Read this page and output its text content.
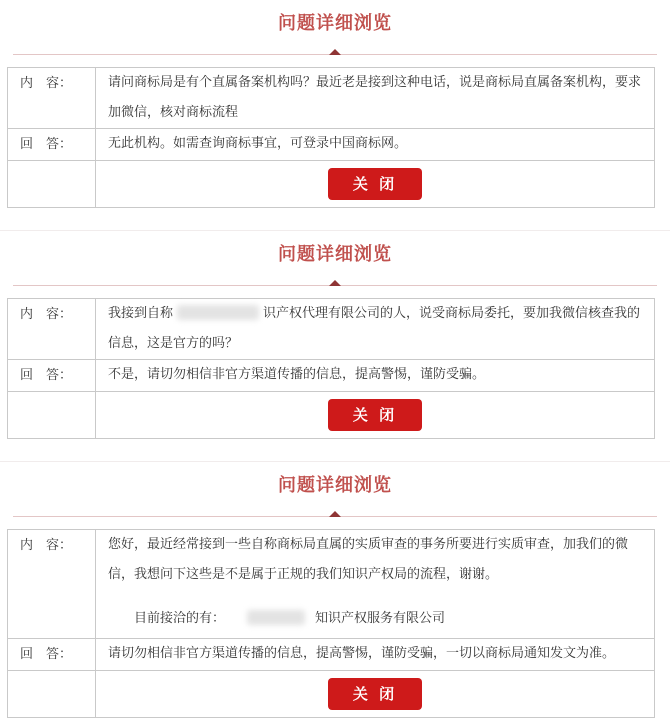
问题详细浏览
内　容：	请问商标局是有个直属备案机构吗？最近老是接到这种电话，说是商标局直属备案机构，要求加微信，核对商标流程
回　答：	无此机构。如需查询商标事宜，可登录中国商标网。
	关 闭
问题详细浏览
内　容：	我接到自称 识产权代理有限公司的人，说受商标局委托，要加我微信核查我的信息，这是官方的吗？
回　答：	不是，请切勿相信非官方渠道传播的信息，提高警惕，谨防受骗。
	关 闭
问题详细浏览
内　容：	您好，最近经常接到一些自称商标局直属的实质审查的事务所要进行实质审查，加我们的微信，我想问下这些是不是属于正规的我们知识产权局的流程，谢谢。
目前接洽的有： 知识产权服务有限公司

回　答：	请切勿相信非官方渠道传播的信息，提高警惕，谨防受骗，一切以商标局通知发文为准。
	关 闭
